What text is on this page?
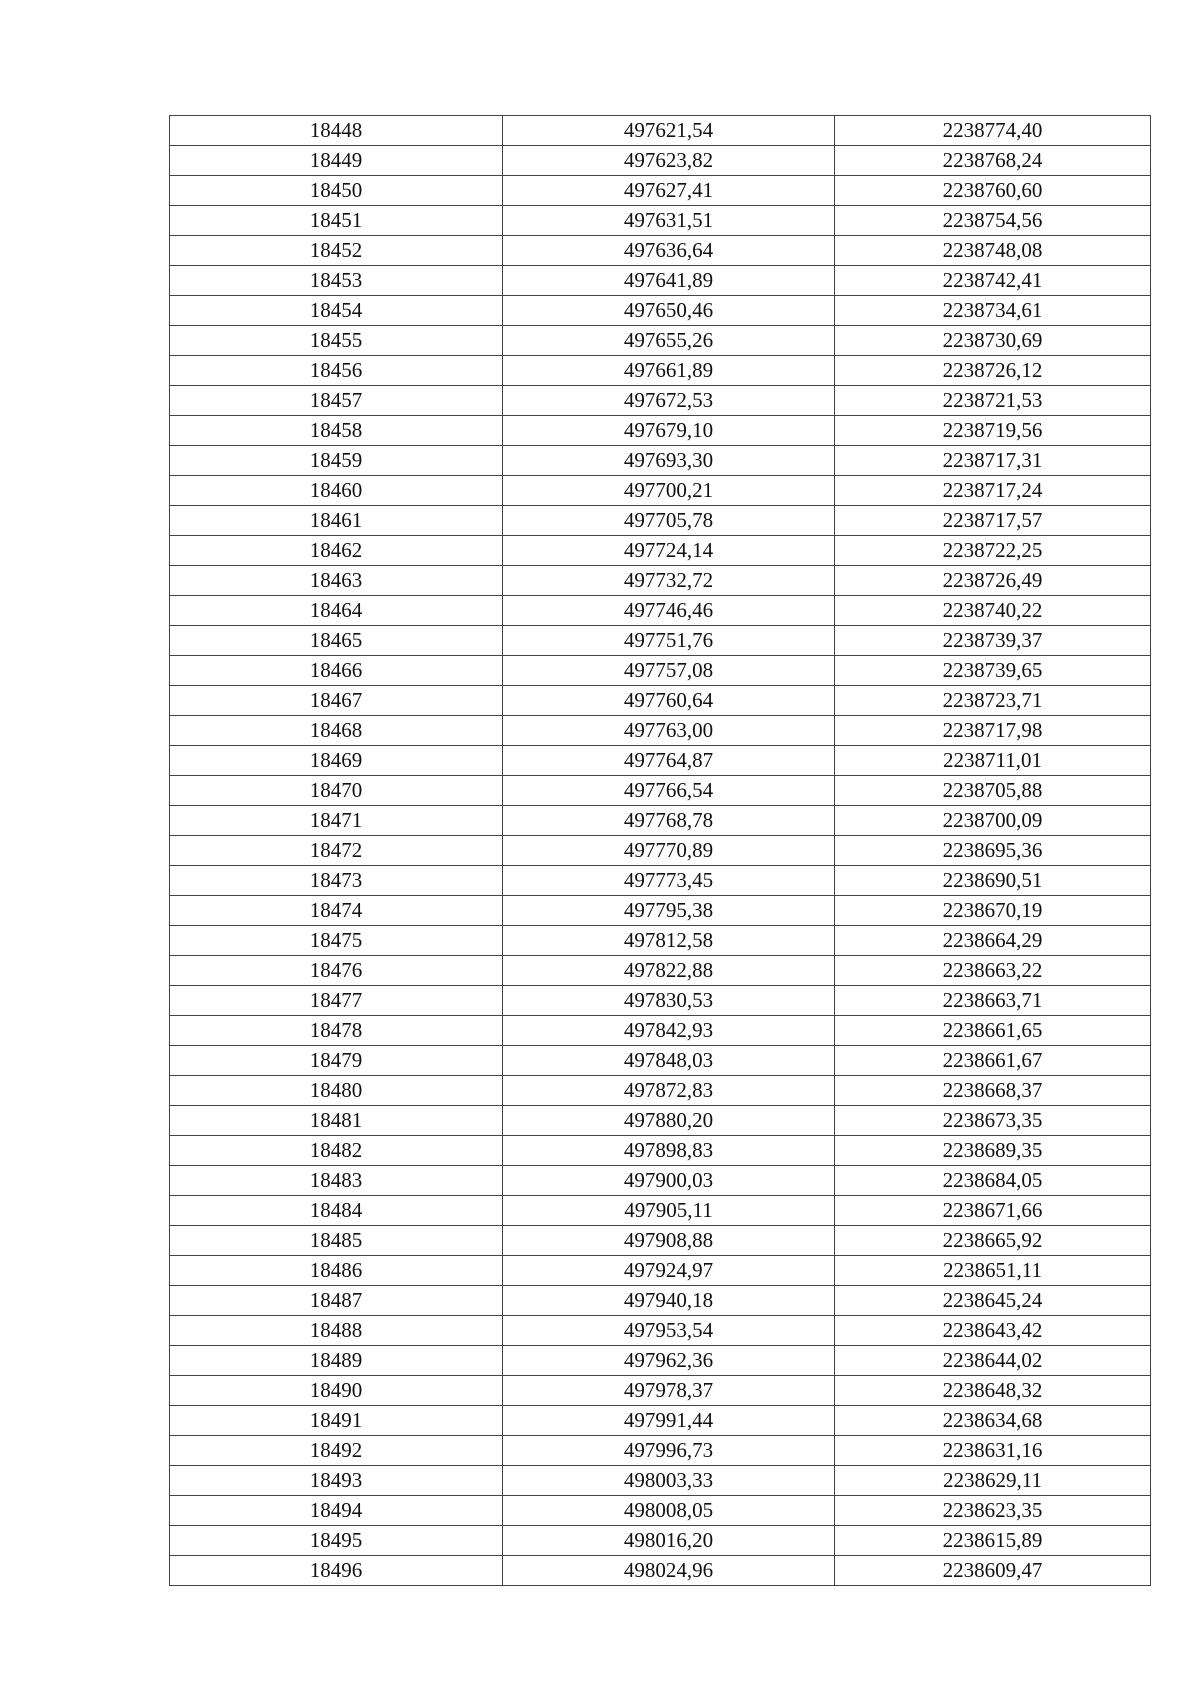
18448	497621,54	2238774,40
18449	497623,82	2238768,24
18450	497627,41	2238760,60
18451	497631,51	2238754,56
18452	497636,64	2238748,08
18453	497641,89	2238742,41
18454	497650,46	2238734,61
18455	497655,26	2238730,69
18456	497661,89	2238726,12
18457	497672,53	2238721,53
18458	497679,10	2238719,56
18459	497693,30	2238717,31
18460	497700,21	2238717,24
18461	497705,78	2238717,57
18462	497724,14	2238722,25
18463	497732,72	2238726,49
18464	497746,46	2238740,22
18465	497751,76	2238739,37
18466	497757,08	2238739,65
18467	497760,64	2238723,71
18468	497763,00	2238717,98
18469	497764,87	2238711,01
18470	497766,54	2238705,88
18471	497768,78	2238700,09
18472	497770,89	2238695,36
18473	497773,45	2238690,51
18474	497795,38	2238670,19
18475	497812,58	2238664,29
18476	497822,88	2238663,22
18477	497830,53	2238663,71
18478	497842,93	2238661,65
18479	497848,03	2238661,67
18480	497872,83	2238668,37
18481	497880,20	2238673,35
18482	497898,83	2238689,35
18483	497900,03	2238684,05
18484	497905,11	2238671,66
18485	497908,88	2238665,92
18486	497924,97	2238651,11
18487	497940,18	2238645,24
18488	497953,54	2238643,42
18489	497962,36	2238644,02
18490	497978,37	2238648,32
18491	497991,44	2238634,68
18492	497996,73	2238631,16
18493	498003,33	2238629,11
18494	498008,05	2238623,35
18495	498016,20	2238615,89
18496	498024,96	2238609,47
